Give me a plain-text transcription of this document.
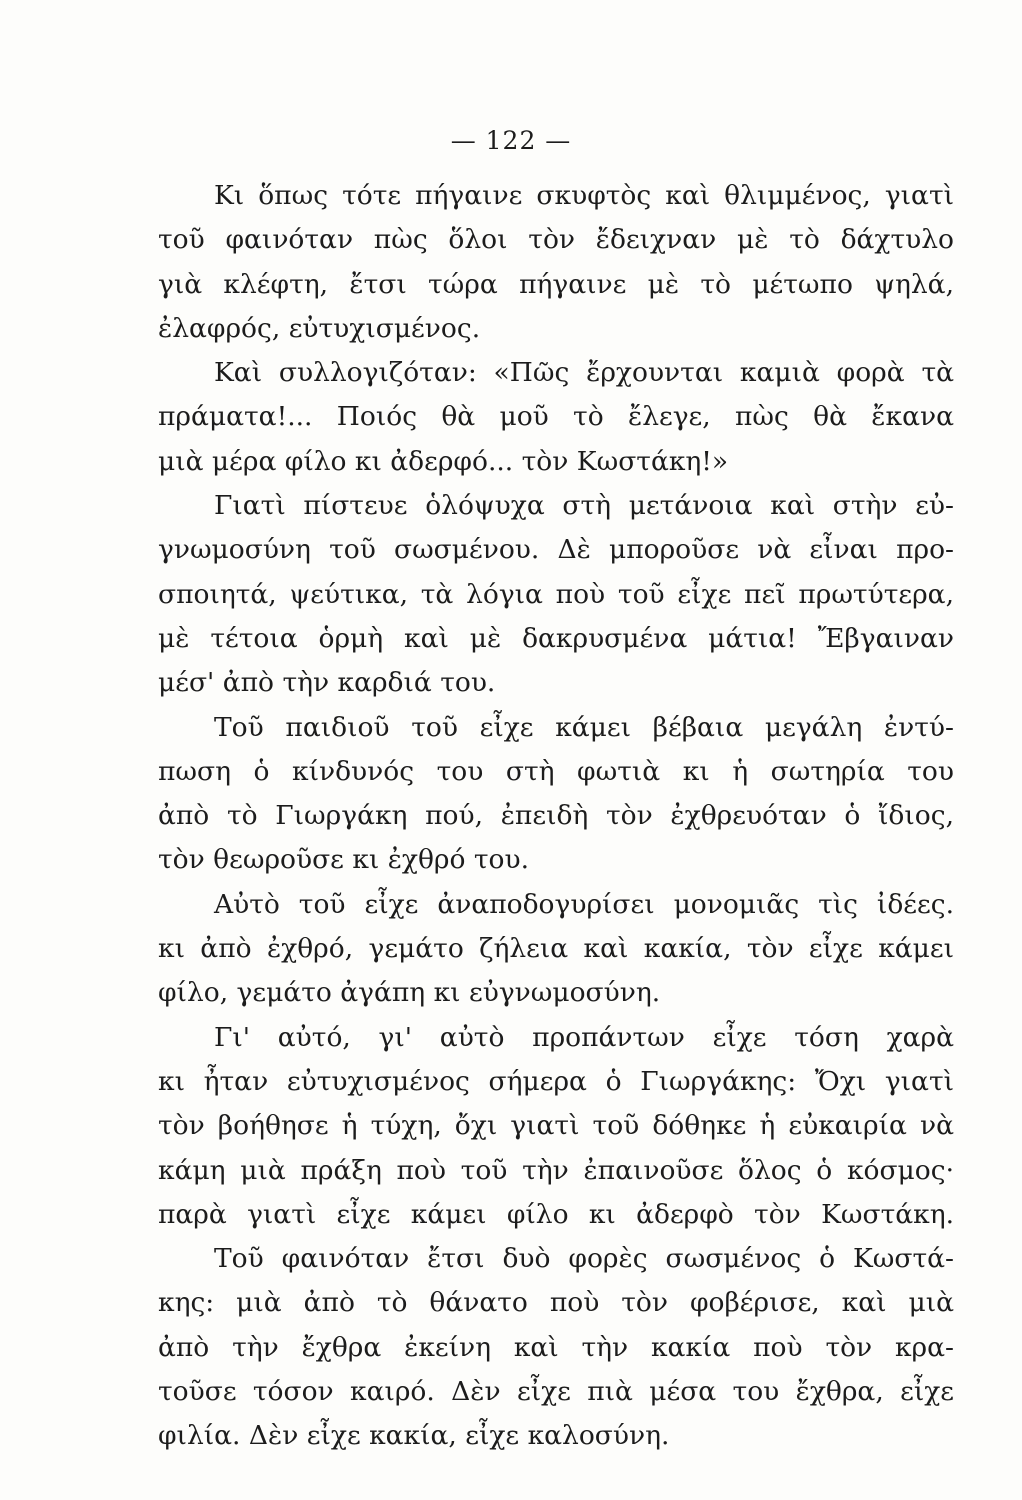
— 122 —
Κι ὅπως τότε πήγαινε σκυφτὸς καὶ θλιμμένος, γιατὶ
τοῦ φαινόταν πὼς ὅλοι τὸν ἔδειχναν μὲ τὸ δάχτυλο
γιὰ κλέφτη, ἔτσι τώρα πήγαινε μὲ τὸ μέτωπο ψηλά,
ἐλαφρός, εὐτυχισμένος.
Καὶ συλλογιζόταν: «Πῶς ἔρχουνται καμιὰ φορὰ τὰ
πράματα!... Ποιός θὰ μοῦ τὸ ἔλεγε, πὼς θὰ ἔκανα
μιὰ μέρα φίλο κι ἀδερφό... τὸν Κωστάκη!»
Γιατὶ πίστευε ὁλόψυχα στὴ μετάνοια καὶ στὴν εὐ-
γνωμοσύνη τοῦ σωσμένου. Δὲ μποροῦσε νὰ εἶναι προ-
σποιητά, ψεύτικα, τὰ λόγια ποὺ τοῦ εἶχε πεῖ πρωτύτερα,
μὲ τέτοια ὁρμὴ καὶ μὲ δακρυσμένα μάτια! Ἔβγαιναν
μέσ' ἀπὸ τὴν καρδιά του.
Τοῦ παιδιοῦ τοῦ εἶχε κάμει βέβαια μεγάλη ἐντύ-
πωση ὁ κίνδυνός του στὴ φωτιὰ κι ἡ σωτηρία του
ἀπὸ τὸ Γιωργάκη πού, ἐπειδὴ τὸν ἐχθρευόταν ὁ ἴδιος,
τὸν θεωροῦσε κι ἐχθρό του.
Αὐτὸ τοῦ εἶχε ἀναποδογυρίσει μονομιᾶς τὶς ἰδέες.
κι ἀπὸ ἐχθρό, γεμάτο ζήλεια καὶ κακία, τὸν εἶχε κάμει
φίλο, γεμάτο ἀγάπη κι εὐγνωμοσύνη.
Γι' αὐτό, γι' αὐτὸ προπάντων εἶχε τόση χαρὰ
κι ἦταν εὐτυχισμένος σήμερα ὁ Γιωργάκης: Ὄχι γιατὶ
τὸν βοήθησε ἡ τύχη, ὄχι γιατὶ τοῦ δόθηκε ἡ εὐκαιρία νὰ
κάμη μιὰ πράξη ποὺ τοῦ τὴν ἐπαινοῦσε ὅλος ὁ κόσμος·
παρὰ γιατὶ εἶχε κάμει φίλο κι ἀδερφὸ τὸν Κωστάκη.
Τοῦ φαινόταν ἔτσι δυὸ φορὲς σωσμένος ὁ Κωστά-
κης: μιὰ ἀπὸ τὸ θάνατο ποὺ τὸν φοβέρισε, καὶ μιὰ
ἀπὸ τὴν ἔχθρα ἐκείνη καὶ τὴν κακία ποὺ τὸν κρα-
τοῦσε τόσον καιρό. Δὲν εἶχε πιὰ μέσα του ἔχθρα, εἶχε
φιλία. Δὲν εἶχε κακία, εἶχε καλοσύνη.
